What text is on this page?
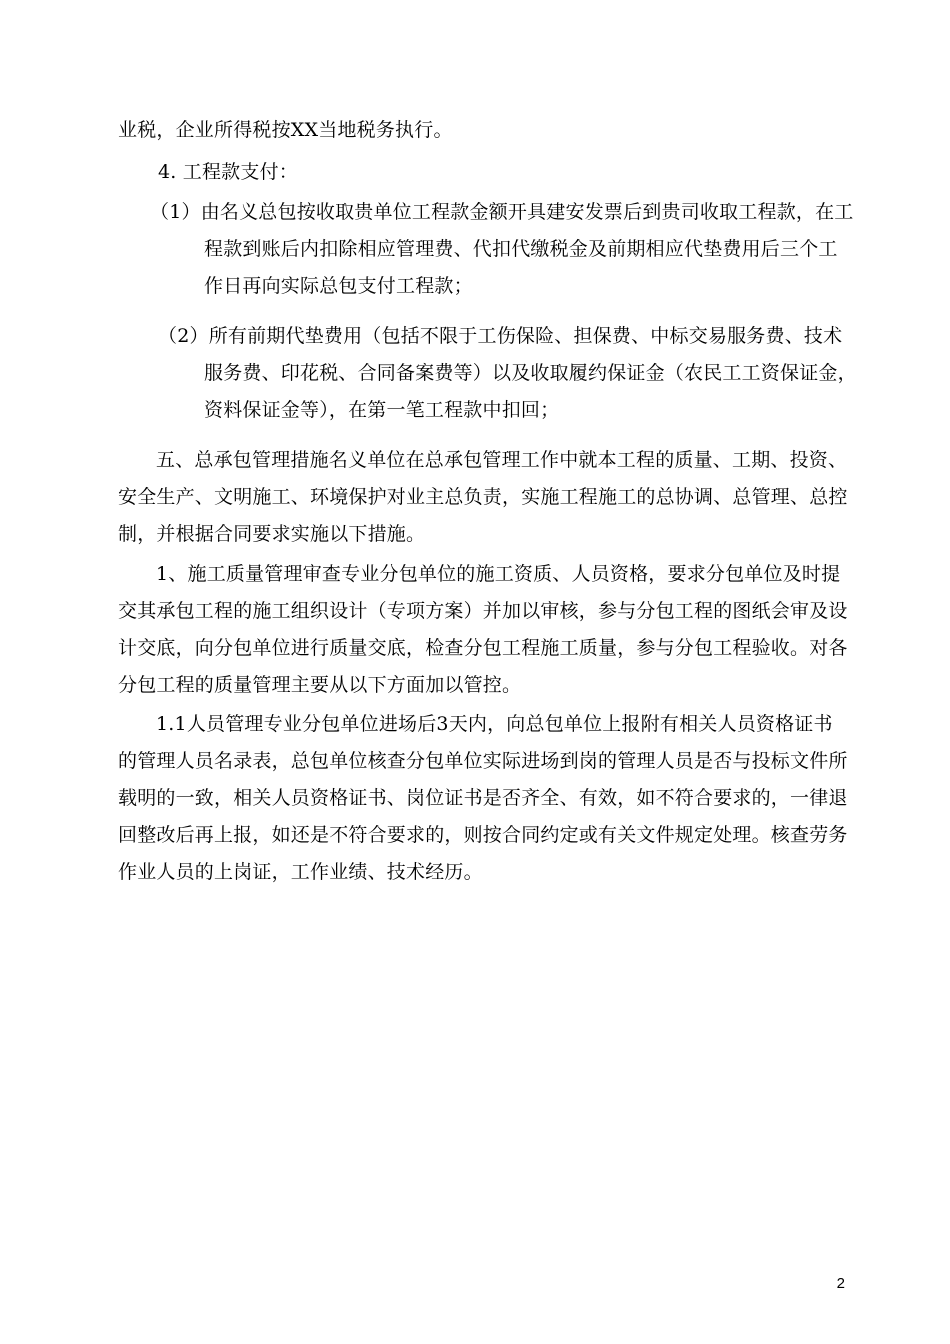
业税，企业所得税按XX当地税务执行。
4. 工程款支付：
（1）由名义总包按收取贵单位工程款金额开具建安发票后到贵司收取工程款，在工
程款到账后内扣除相应管理费、代扣代缴税金及前期相应代垫费用后三个工
作日再向实际总包支付工程款；
（2）所有前期代垫费用（包括不限于工伤保险、担保费、中标交易服务费、技术
服务费、印花税、合同备案费等）以及收取履约保证金（农民工工资保证金，
资料保证金等），在第一笔工程款中扣回；
五、总承包管理措施名义单位在总承包管理工作中就本工程的质量、工期、投资、
安全生产、文明施工、环境保护对业主总负责，实施工程施工的总协调、总管理、总控
制，并根据合同要求实施以下措施。
1、施工质量管理审查专业分包单位的施工资质、人员资格，要求分包单位及时提
交其承包工程的施工组织设计（专项方案）并加以审核，参与分包工程的图纸会审及设
计交底，向分包单位进行质量交底，检查分包工程施工质量，参与分包工程验收。对各
分包工程的质量管理主要从以下方面加以管控。
1.1人员管理专业分包单位进场后3天内，向总包单位上报附有相关人员资格证书
的管理人员名录表，总包单位核查分包单位实际进场到岗的管理人员是否与投标文件所
载明的一致，相关人员资格证书、岗位证书是否齐全、有效，如不符合要求的，一律退
回整改后再上报，如还是不符合要求的，则按合同约定或有关文件规定处理。核查劳务
作业人员的上岗证，工作业绩、技术经历。
2
